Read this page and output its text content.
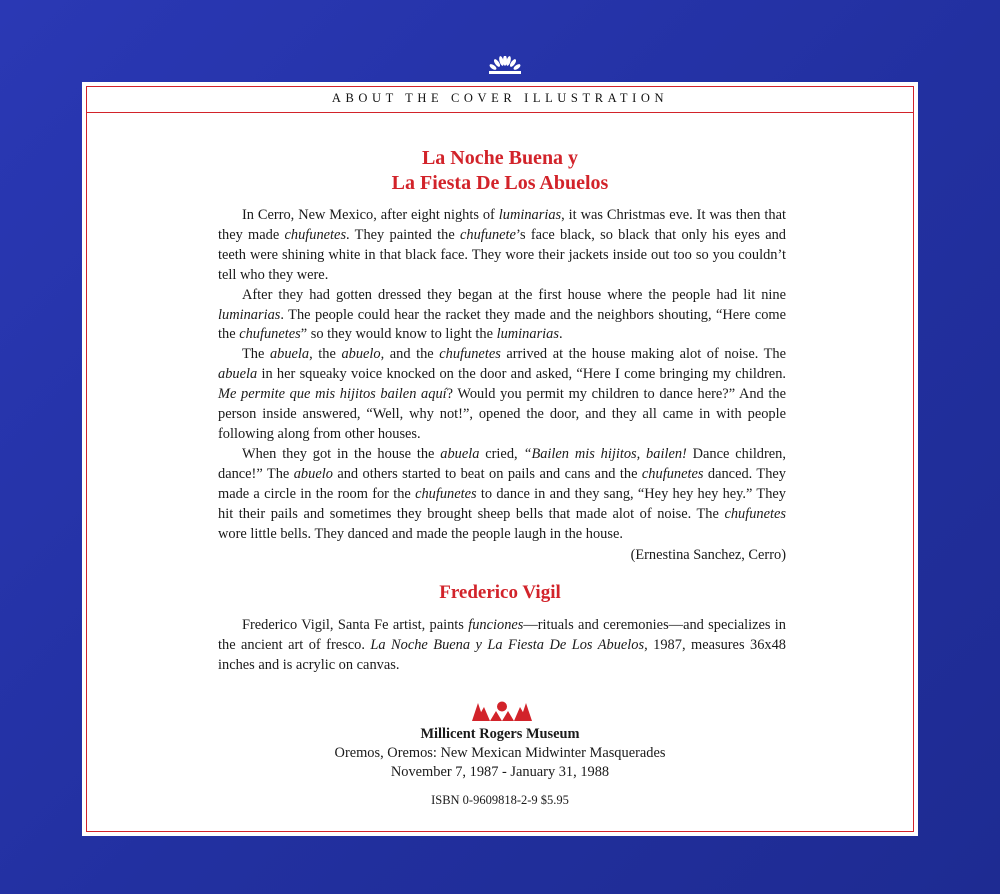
ABOUT THE COVER ILLUSTRATION
La Noche Buena y
La Fiesta De Los Abuelos

In Cerro, New Mexico, after eight nights of luminarias, it was Christmas eve. It was then that they made chufunetes. They painted the chufunete’s face black, so black that only his eyes and teeth were shining white in that black face. They wore their jackets inside out too so you couldn’t tell who they were.

After they had gotten dressed they began at the first house where the people had lit nine luminarias. The people could hear the racket they made and the neighbors shouting, “Here come the chufunetes” so they would know to light the luminarias.

The abuela, the abuelo, and the chufunetes arrived at the house making alot of noise. The abuela in her squeaky voice knocked on the door and asked, “Here I come bringing my children. Me permite que mis hijitos bailen aquí? Would you permit my children to dance here?” And the person inside answered, “Well, why not!”, opened the door, and they all came in with people following along from other houses.

When they got in the house the abuela cried, “Bailen mis hijitos, bailen! Dance children, dance!” The abuelo and others started to beat on pails and cans and the chufunetes danced. They made a circle in the room for the chufunetes to dance in and they sang, “Hey hey hey hey.” They hit their pails and sometimes they brought sheep bells that made alot of noise. The chufunetes wore little bells. They danced and made the people laugh in the house.

(Ernestina Sanchez, Cerro)
Frederico Vigil

Frederico Vigil, Santa Fe artist, paints funciones—rituals and ceremonies—and specializes in the ancient art of fresco. La Noche Buena y La Fiesta De Los Abuelos, 1987, measures 36x48 inches and is acrylic on canvas.

Millicent Rogers Museum
Oremos, Oremos: New Mexican Midwinter Masquerades
November 7, 1987 - January 31, 1988
ISBN 0-9609818-2-9 $5.95
